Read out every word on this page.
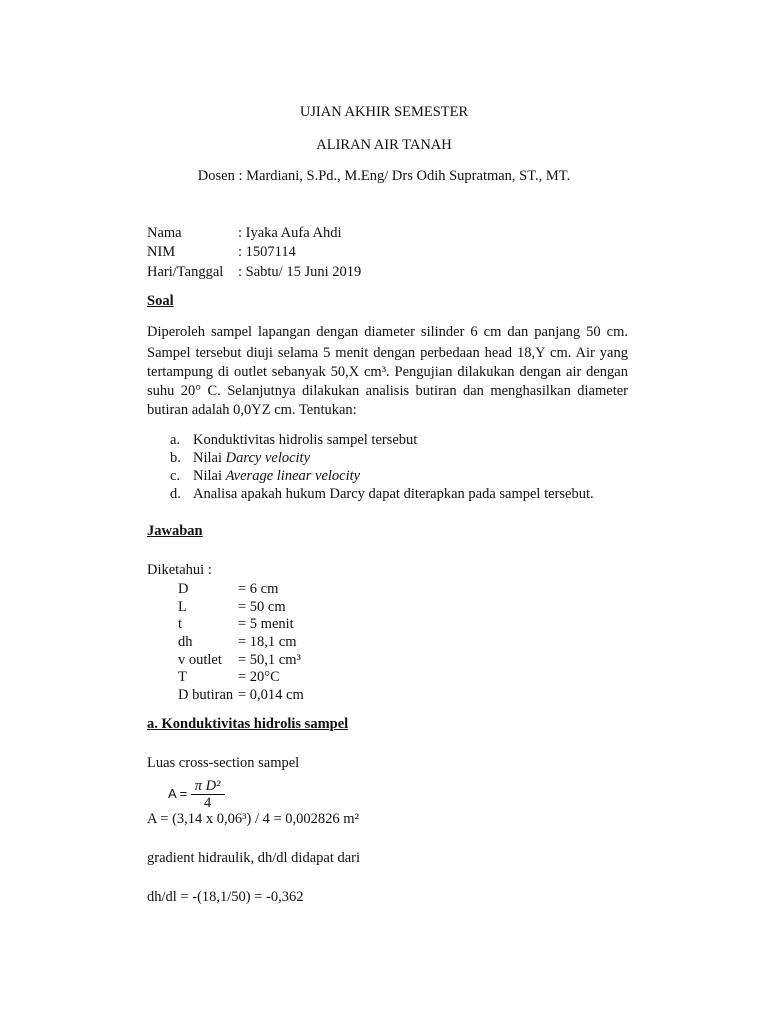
UJIAN AKHIR SEMESTER
ALIRAN AIR TANAH
Dosen : Mardiani, S.Pd., M.Eng/ Drs Odih Supratman, ST., MT.
Nama	: Iyaka Aufa Ahdi
NIM	: 1507114
Hari/Tanggal : Sabtu/ 15 Juni 2019
Soal
Diperoleh sampel lapangan dengan diameter silinder 6 cm dan panjang 50 cm.
Sampel tersebut diuji selama 5 menit dengan perbedaan head 18,Y cm. Air yang
tertampung di outlet sebanyak 50,X cm³. Pengujian dilakukan dengan air dengan
suhu 20° C. Selanjutnya dilakukan analisis butiran dan menghasilkan diameter
butiran adalah 0,0YZ cm. Tentukan:
a. Konduktivitas hidrolis sampel tersebut
b. Nilai Darcy velocity
c. Nilai Average linear velocity
d. Analisa apakah hukum Darcy dapat diterapkan pada sampel tersebut.
Jawaban
Diketahui :
D	= 6 cm
L	= 50 cm
t	= 5 menit
dh	= 18,1 cm
v outlet = 50,1 cm³
T	= 20°C
D butiran = 0,014 cm
a. Konduktivitas hidrolis sampel
Luas cross-section sampel
$A = \frac{\text{π D²}}{4}$
A = (3,14 x 0,06³) / 4 = 0,002826 m²
gradient hidraulik, dh/dl didapat dari
dh/dl = -(18,1/50) = -0,362
